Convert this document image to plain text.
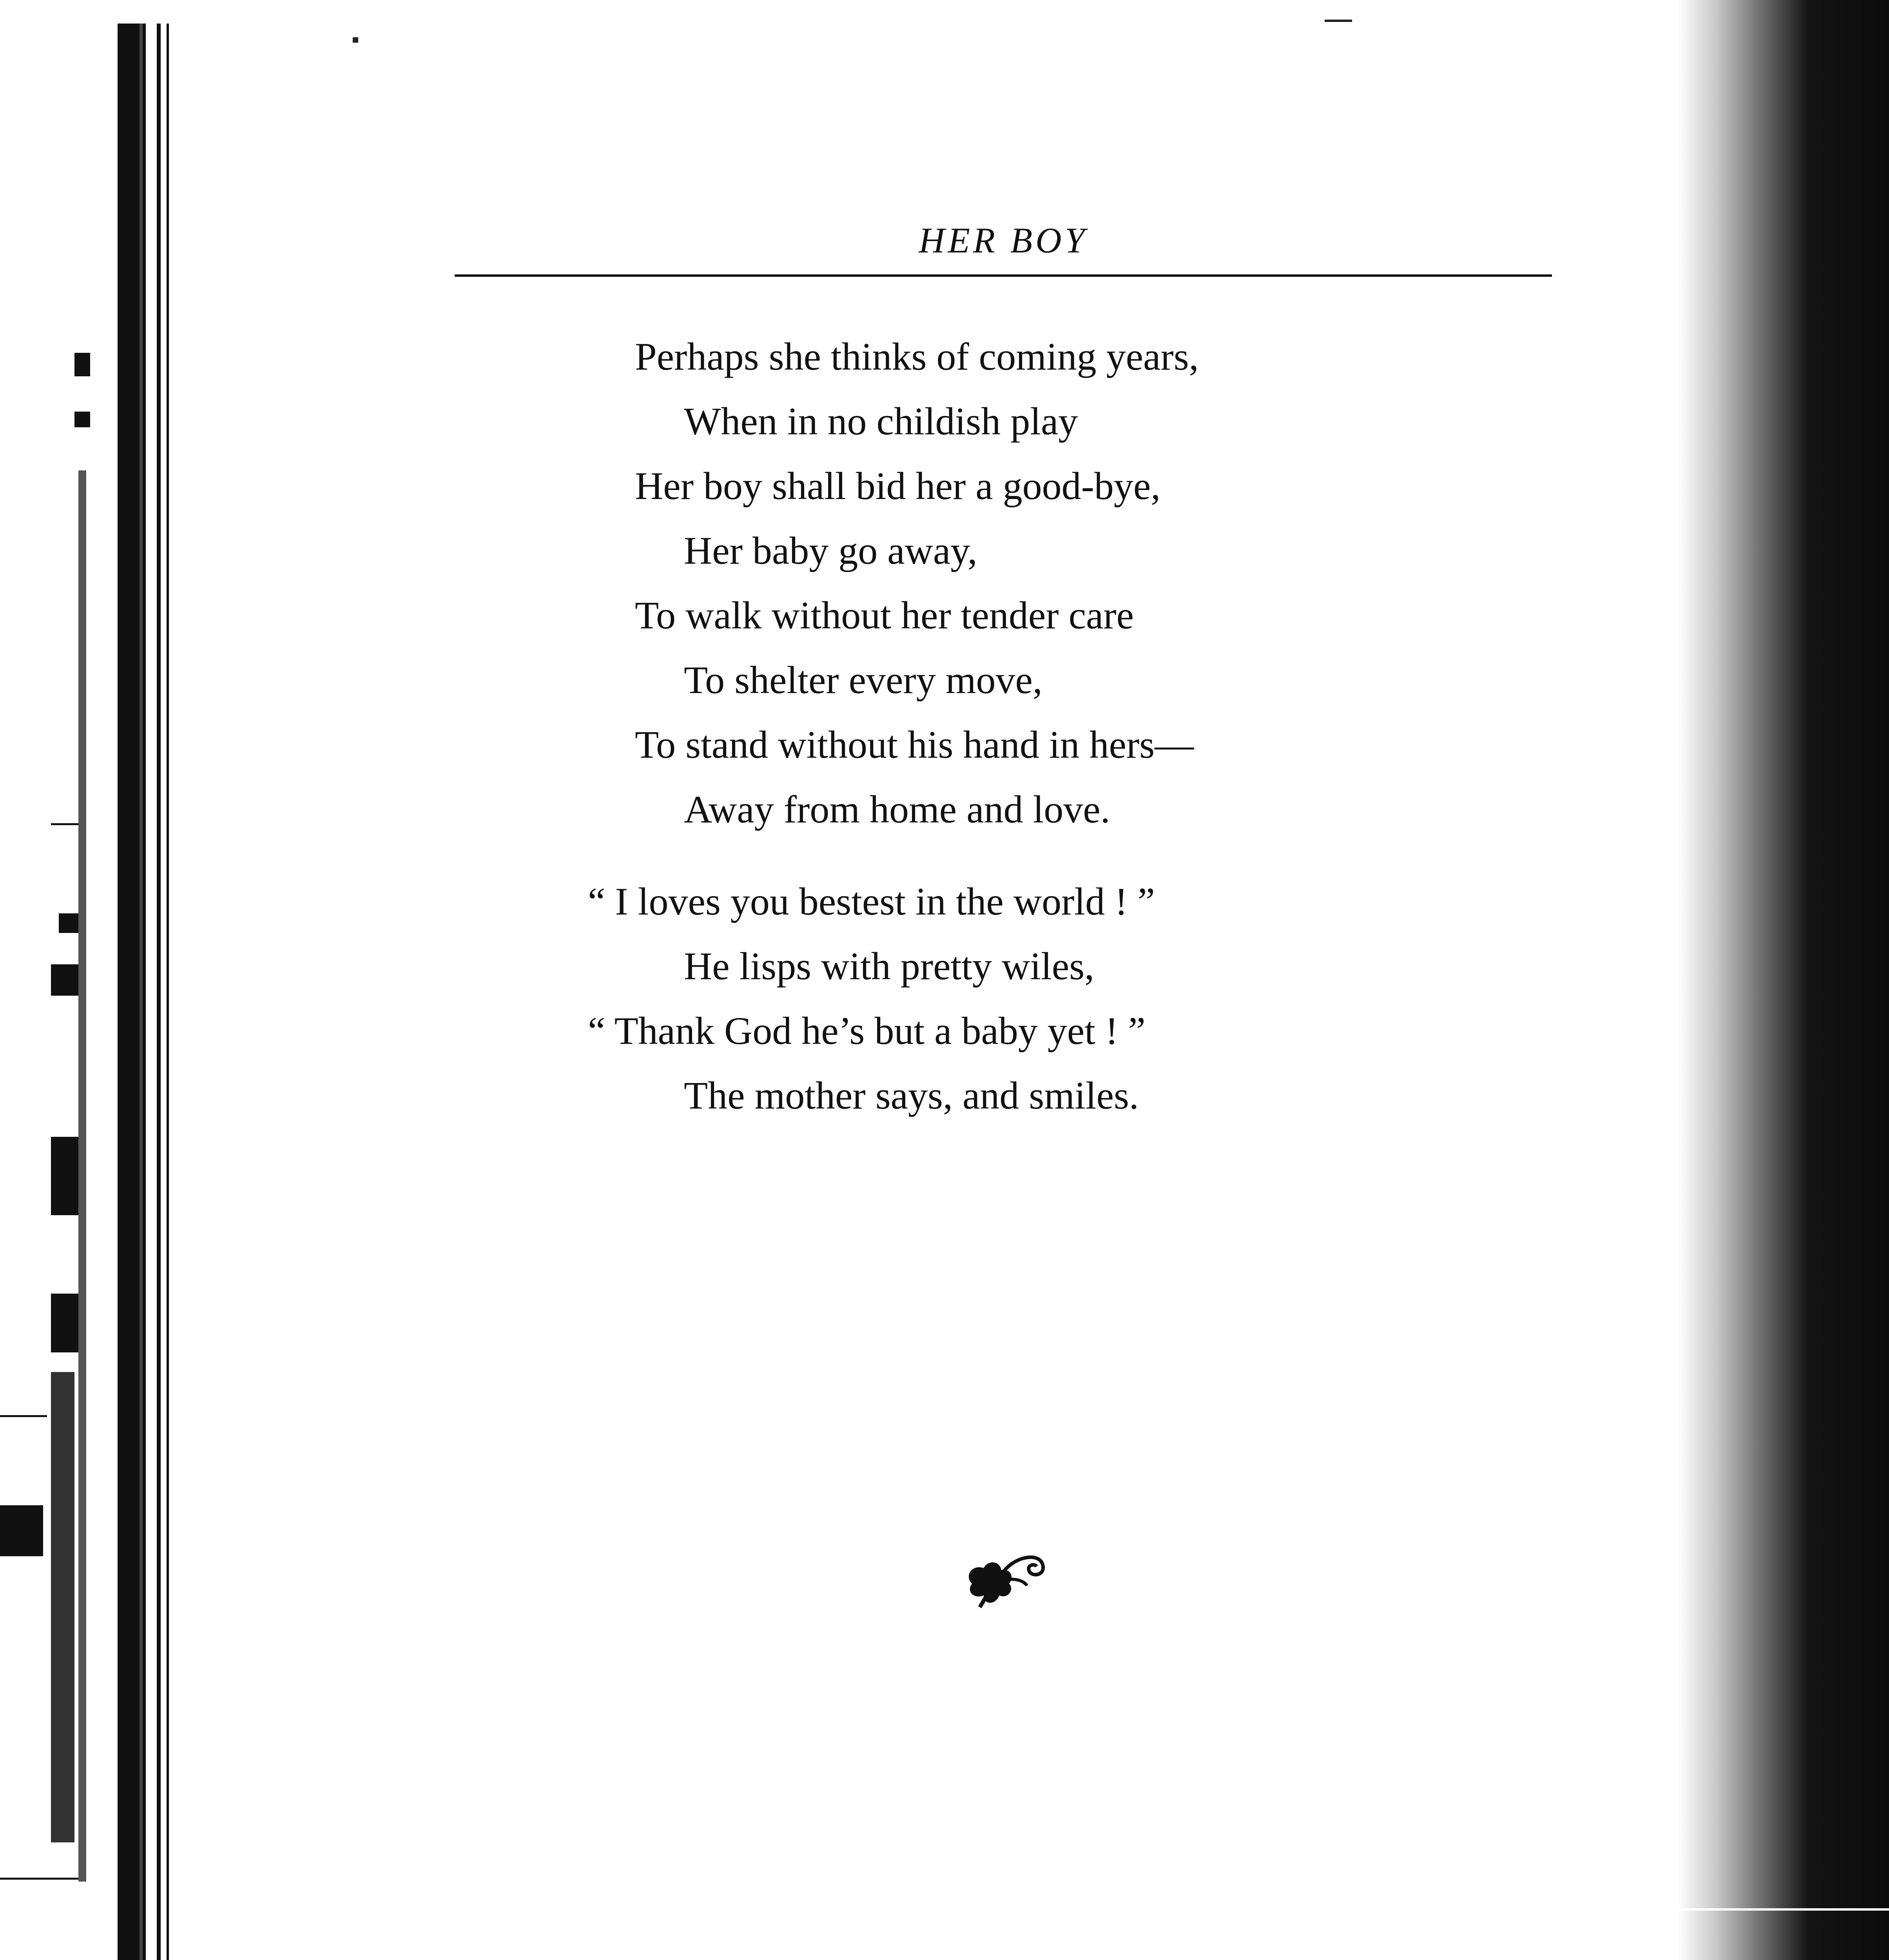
HER BOY
Perhaps she thinks of coming years,
When in no childish play
Her boy shall bid her a good-bye,
Her baby go away,
To walk without her tender care
To shelter every move,
To stand without his hand in hers—
Away from home and love.
“ I loves you bestest in the world ! ”
He lisps with pretty wiles,
“ Thank God he’s but a baby yet ! ”
The mother says, and smiles.
